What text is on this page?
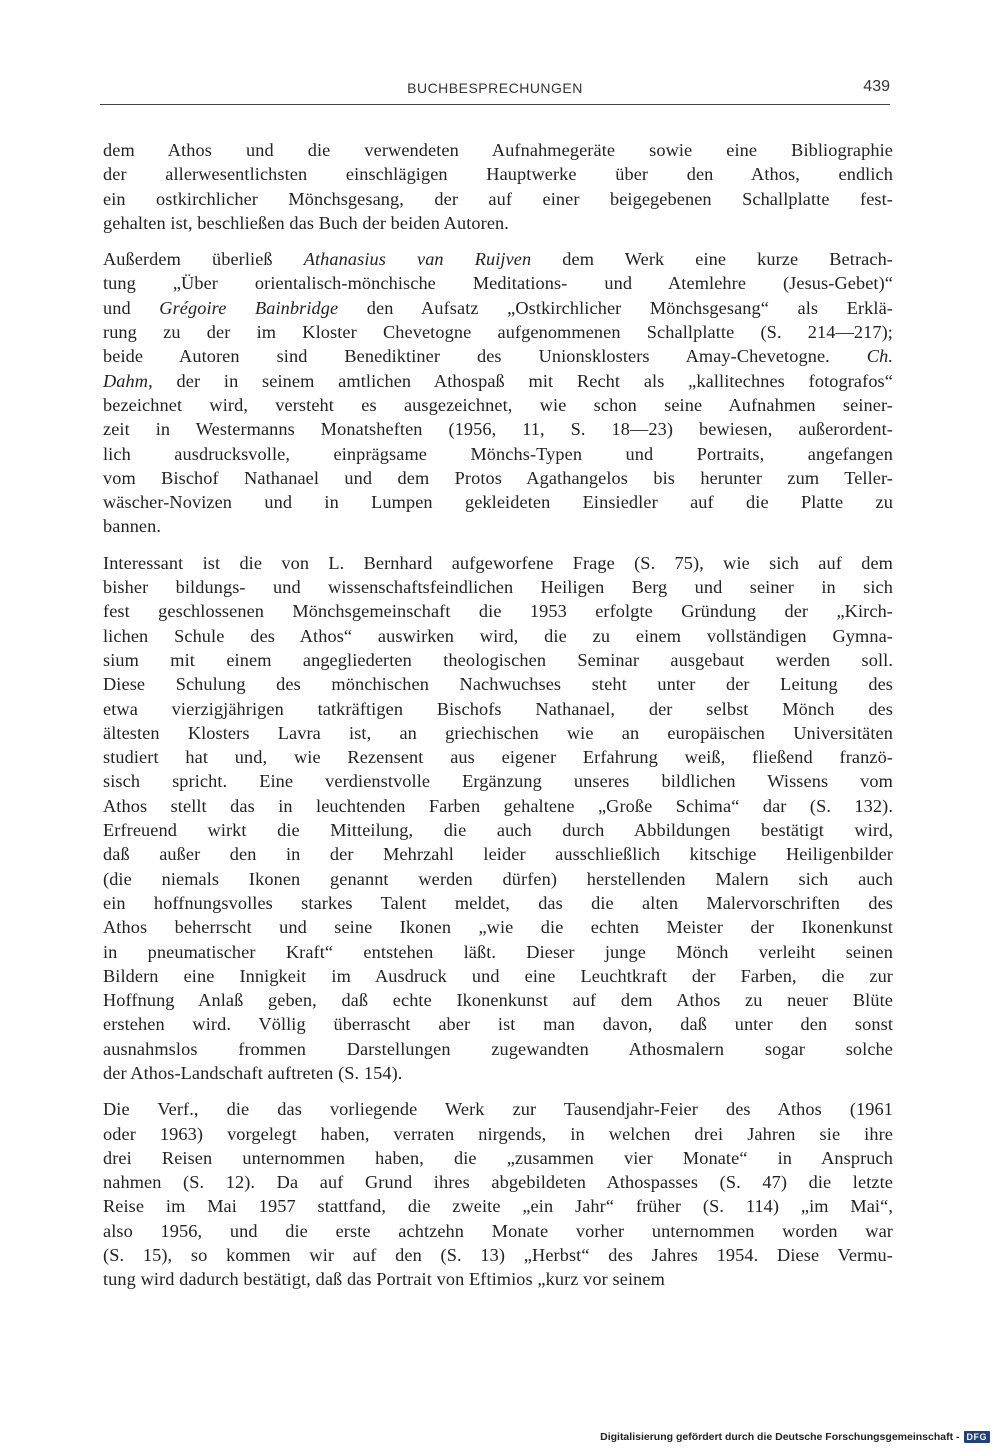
BUCHBESPRECHUNGEN	439
dem Athos und die verwendeten Aufnahmegeräte sowie eine Bibliographie
der allerwesentlichsten einschlägigen Hauptwerke über den Athos, endlich
ein ostkirchlicher Mönchsgesang, der auf einer beigegebenen Schallplatte fest-
gehalten ist, beschließen das Buch der beiden Autoren.
Außerdem überließ Athanasius van Ruijven dem Werk eine kurze Betrach-
tung „Über orientalisch-mönchische Meditations- und Atemlehre (Jesus-Gebet)“
und Grégoire Bainbridge den Aufsatz „Ostkirchlicher Mönchsgesang“ als Erklä-
rung zu der im Kloster Chevetogne aufgenommenen Schallplatte (S. 214—217);
beide Autoren sind Benediktiner des Unionsklosters Amay-Chevetogne. Ch.
Dahm, der in seinem amtlichen Athospaß mit Recht als „kallitechnes fotografos“
bezeichnet wird, versteht es ausgezeichnet, wie schon seine Aufnahmen seiner-
zeit in Westermanns Monatsheften (1956, 11, S. 18—23) bewiesen, außerordent-
lich ausdrucksvolle, einprägsame Mönchs-Typen und Portraits, angefangen
vom Bischof Nathanael und dem Protos Agathangelos bis herunter zum Teller-
wäscher-Novizen und in Lumpen gekleideten Einsiedler auf die Platte zu
bannen.
Interessant ist die von L. Bernhard aufgeworfene Frage (S. 75), wie sich auf dem
bisher bildungs- und wissenschaftsfeindlichen Heiligen Berg und seiner in sich
fest geschlossenen Mönchsgemeinschaft die 1953 erfolgte Gründung der „Kirch-
lichen Schule des Athos“ auswirken wird, die zu einem vollständigen Gymna-
sium mit einem angegliederten theologischen Seminar ausgebaut werden soll.
Diese Schulung des mönchischen Nachwuchses steht unter der Leitung des
etwa vierzigjährigen tatkräftigen Bischofs Nathanael, der selbst Mönch des
ältesten Klosters Lavra ist, an griechischen wie an europäischen Universitäten
studiert hat und, wie Rezensent aus eigener Erfahrung weiß, fließend franzö-
sisch spricht. Eine verdienstvolle Ergänzung unseres bildlichen Wissens vom
Athos stellt das in leuchtenden Farben gehaltene „Große Schima“ dar (S. 132).
Erfreuend wirkt die Mitteilung, die auch durch Abbildungen bestätigt wird,
daß außer den in der Mehrzahl leider ausschließlich kitschige Heiligenbilder
(die niemals Ikonen genannt werden dürfen) herstellenden Malern sich auch
ein hoffnungsvolles starkes Talent meldet, das die alten Malervorschriften des
Athos beherrscht und seine Ikonen „wie die echten Meister der Ikonenkunst
in pneumatischer Kraft“ entstehen läßt. Dieser junge Mönch verleiht seinen
Bildern eine Innigkeit im Ausdruck und eine Leuchtkraft der Farben, die zur
Hoffnung Anlaß geben, daß echte Ikonenkunst auf dem Athos zu neuer Blüte
erstehen wird. Völlig überrascht aber ist man davon, daß unter den sonst
ausnahmslos frommen Darstellungen zugewandten Athosmalern sogar solche
der Athos-Landschaft auftreten (S. 154).
Die Verf., die das vorliegende Werk zur Tausendjahr-Feier des Athos (1961
oder 1963) vorgelegt haben, verraten nirgends, in welchen drei Jahren sie ihre
drei Reisen unternommen haben, die „zusammen vier Monate“ in Anspruch
nahmen (S. 12). Da auf Grund ihres abgebildeten Athospasses (S. 47) die letzte
Reise im Mai 1957 stattfand, die zweite „ein Jahr“ früher (S. 114) „im Mai“,
also 1956, und die erste achtzehn Monate vorher unternommen worden war
(S. 15), so kommen wir auf den (S. 13) „Herbst“ des Jahres 1954. Diese Vermu-
tung wird dadurch bestätigt, daß das Portrait von Eftimios „kurz vor seinem
Digitalisierung gefördert durch die Deutsche Forschungsgemeinschaft - DFG
